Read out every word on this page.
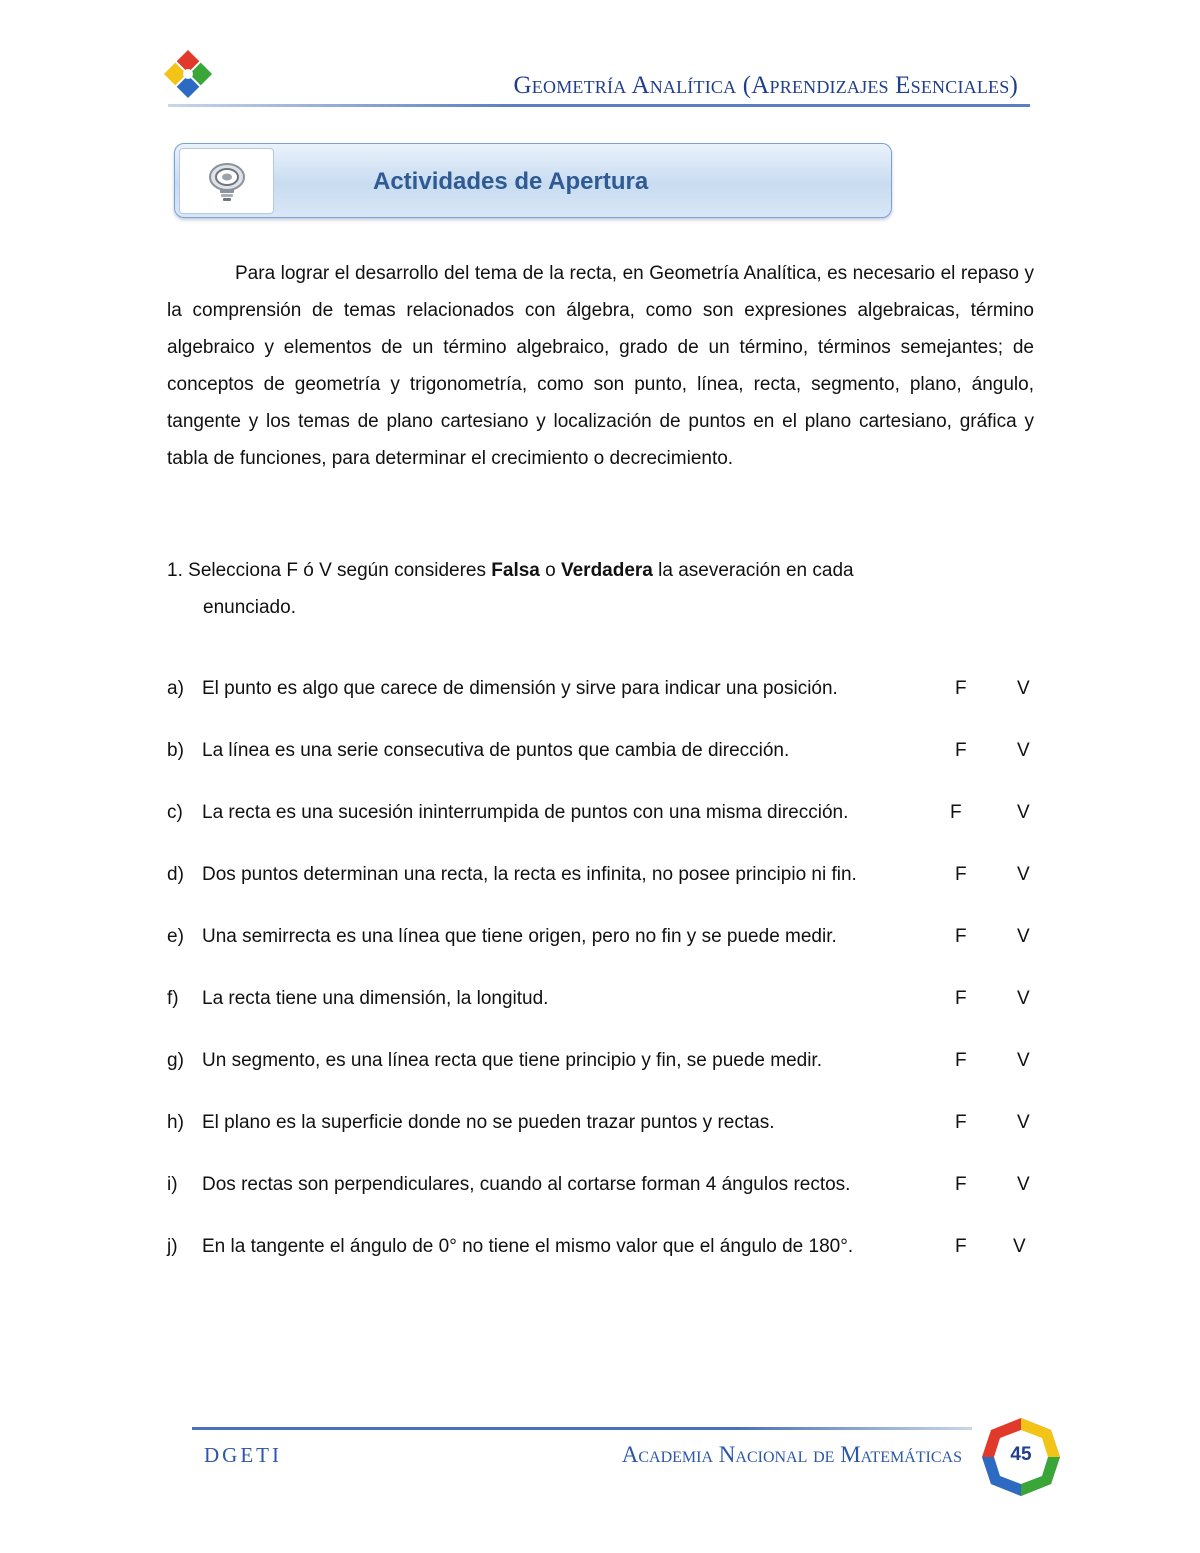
Geometría Analítica (Aprendizajes Esenciales)
Actividades de Apertura

Para lograr el desarrollo del tema de la recta, en Geometría Analítica, es necesario el repaso y la comprensión de temas relacionados con álgebra, como son expresiones algebraicas, término algebraico y elementos de un término algebraico, grado de un término, términos semejantes; de conceptos de geometría y trigonometría, como son punto, línea, recta, segmento, plano, ángulo, tangente y los temas de plano cartesiano y localización de puntos en el plano cartesiano, gráfica y tabla de funciones, para determinar el crecimiento o decrecimiento.

1. Selecciona F ó V según consideres Falsa o Verdadera la aseveración en cada
enunciado.

a) El punto es algo que carece de dimensión y sirve para indicar una posición.	F	V
b) La línea es una serie consecutiva de puntos que cambia de dirección.	F	V
c) La recta es una sucesión ininterrumpida de puntos con una misma dirección.	F	V
d) Dos puntos determinan una recta, la recta es infinita, no posee principio ni fin.	F	V
e) Una semirrecta es una línea que tiene origen, pero no fin y se puede medir.	F	V
f) La recta tiene una dimensión, la longitud.	F	V
g) Un segmento, es una línea recta que tiene principio y fin, se puede medir.	F	V
h) El plano es la superficie donde no se pueden trazar puntos y rectas.	F	V
i) Dos rectas son perpendiculares, cuando al cortarse forman 4 ángulos rectos.	F	V
j) En la tangente el ángulo de 0° no tiene el mismo valor que el ángulo de 180°.	F V
DGETI	Academia Nacional de Matemáticas	45
